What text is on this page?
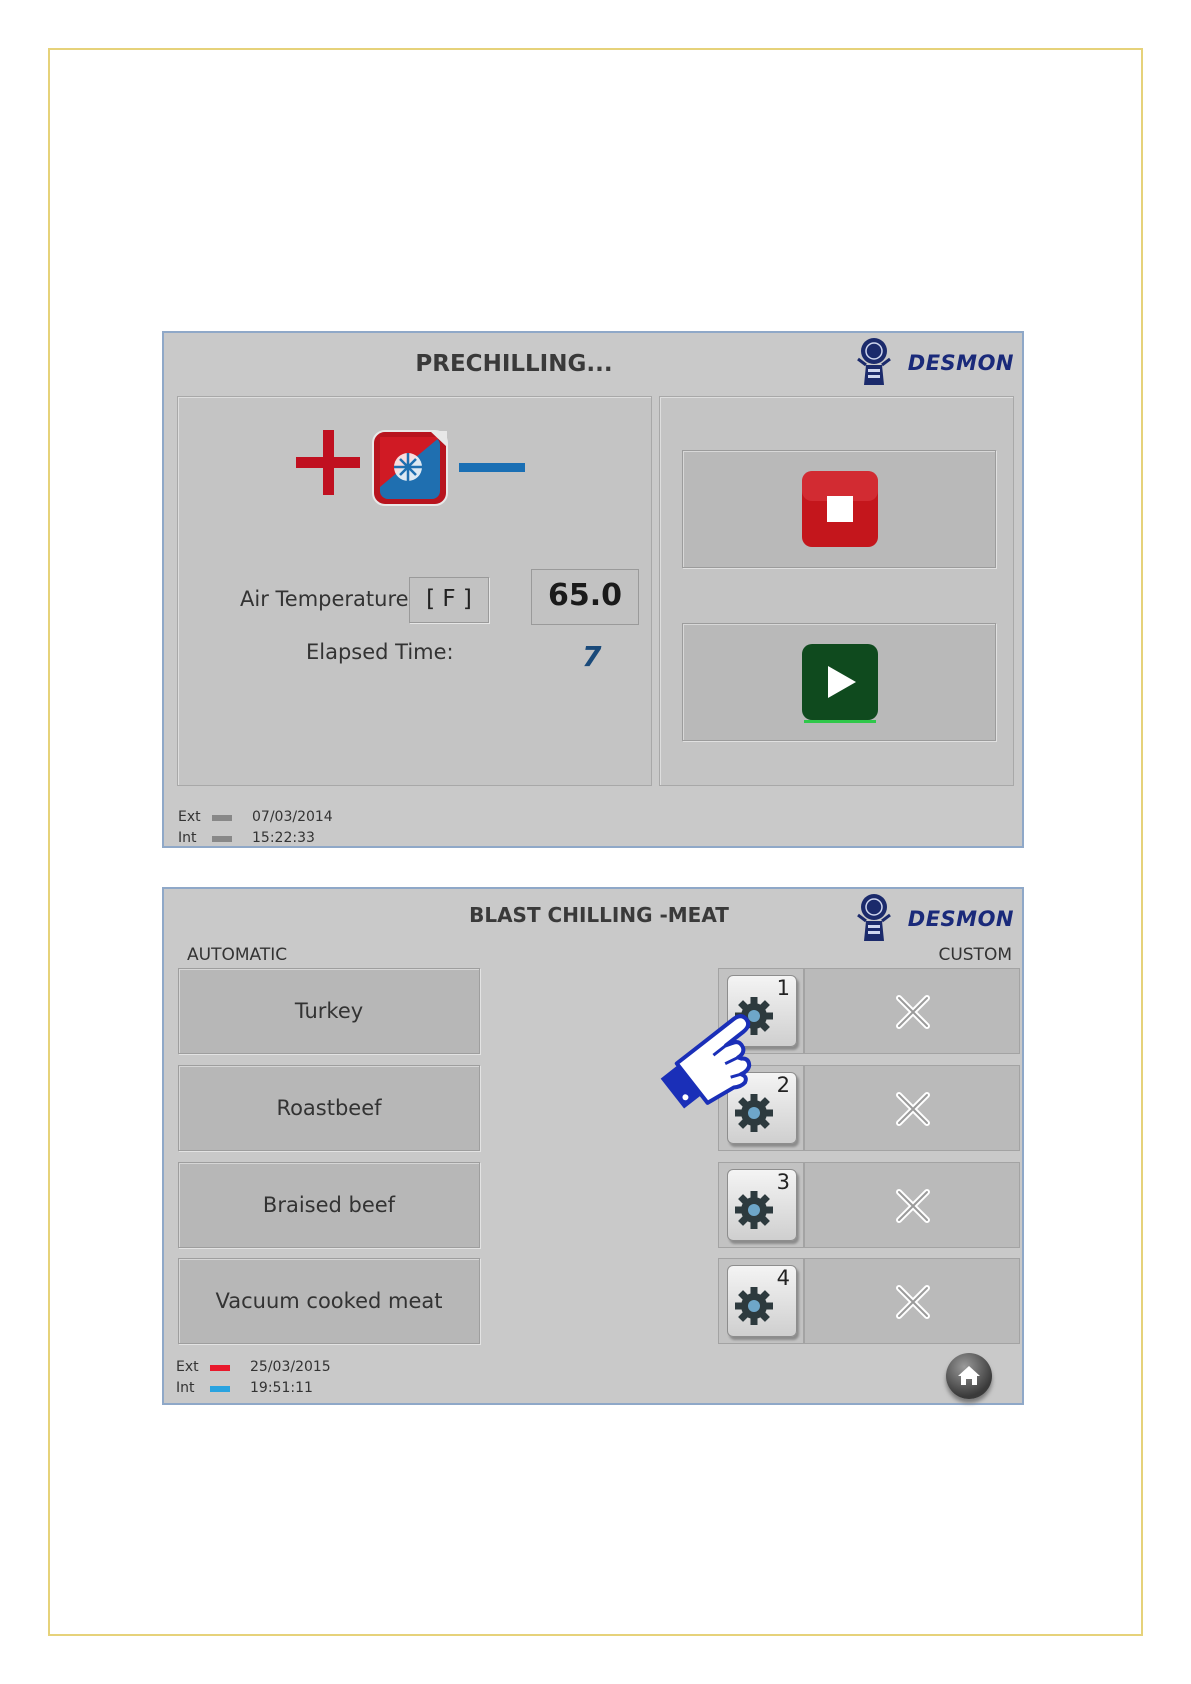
PRECHILLING...	DESMON
Air Temperature [ F ]	65.0
Elapsed Time:	7
Ext
Int
07/03/2014
15:22:33
BLAST CHILLING -MEAT	DESMON
AUTOMATIC	CUSTOM
Turkey
Roastbeef
Braised beef
Vacuum cooked meat
1
2
3
4
Ext
Int
25/03/2015
19:51:11
